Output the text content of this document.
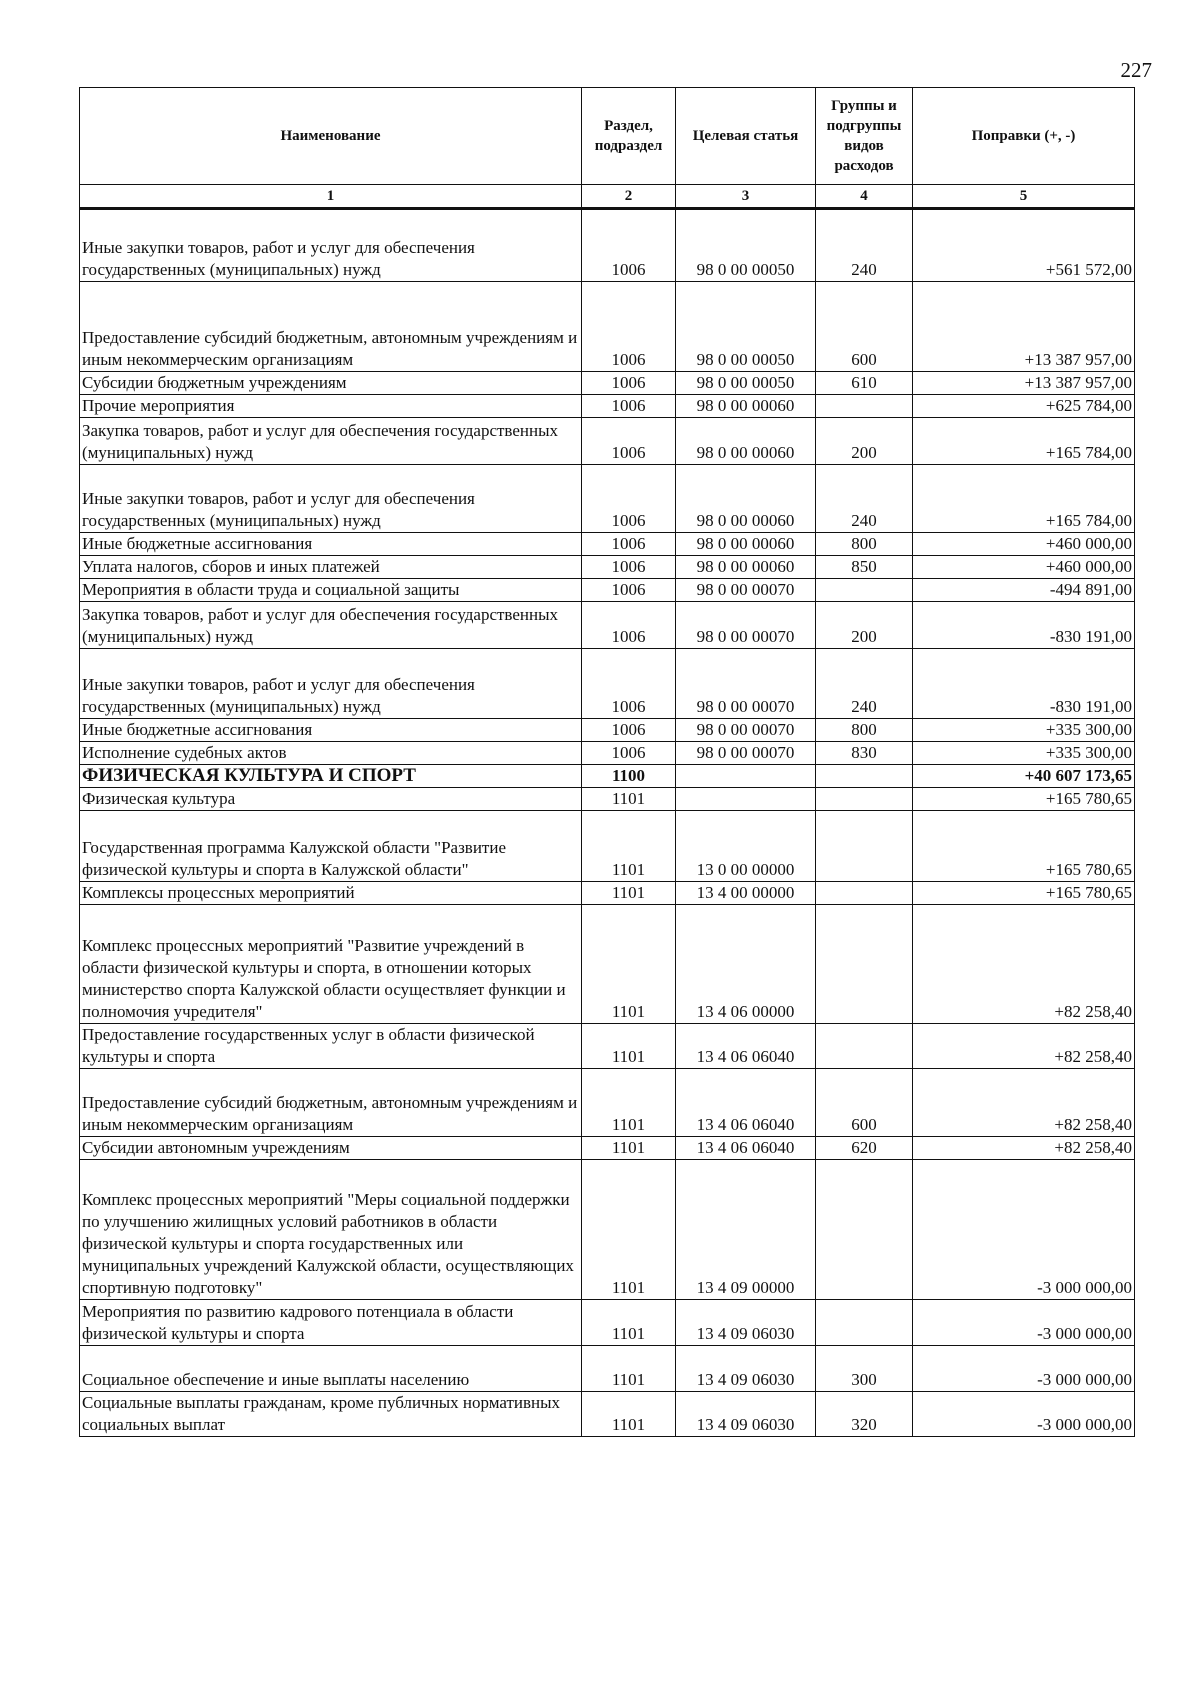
227
Наименование	Раздел, подраздел	Целевая статья	Группы и подгруппы видов расходов	Поправки (+, -)
1	2	3	4	5
Иные закупки товаров, работ и услуг для обеспечения государственных (муниципальных) нужд	1006	98 0 00 00050	240	+561 572,00
Предоставление субсидий бюджетным, автономным учреждениям и иным некоммерческим организациям	1006	98 0 00 00050	600	+13 387 957,00
Субсидии бюджетным учреждениям	1006	98 0 00 00050	610	+13 387 957,00
Прочие мероприятия	1006	98 0 00 00060		+625 784,00
Закупка товаров, работ и услуг для обеспечения государственных (муниципальных) нужд	1006	98 0 00 00060	200	+165 784,00
Иные закупки товаров, работ и услуг для обеспечения государственных (муниципальных) нужд	1006	98 0 00 00060	240	+165 784,00
Иные бюджетные ассигнования	1006	98 0 00 00060	800	+460 000,00
Уплата налогов, сборов и иных платежей	1006	98 0 00 00060	850	+460 000,00
Мероприятия в области труда и социальной защиты	1006	98 0 00 00070		-494 891,00
Закупка товаров, работ и услуг для обеспечения государственных (муниципальных) нужд	1006	98 0 00 00070	200	-830 191,00
Иные закупки товаров, работ и услуг для обеспечения государственных (муниципальных) нужд	1006	98 0 00 00070	240	-830 191,00
Иные бюджетные ассигнования	1006	98 0 00 00070	800	+335 300,00
Исполнение судебных актов	1006	98 0 00 00070	830	+335 300,00
ФИЗИЧЕСКАЯ КУЛЬТУРА И СПОРТ	1100			+40 607 173,65
Физическая культура	1101			+165 780,65
Государственная программа Калужской области "Развитие физической культуры и спорта в Калужской области"	1101	13 0 00 00000		+165 780,65
Комплексы процессных мероприятий	1101	13 4 00 00000		+165 780,65
Комплекс процессных мероприятий "Развитие учреждений в области физической культуры и спорта, в отношении которых министерство спорта Калужской области осуществляет функции и полномочия учредителя"	1101	13 4 06 00000		+82 258,40
Предоставление государственных услуг в области физической культуры и спорта	1101	13 4 06 06040		+82 258,40
Предоставление субсидий бюджетным, автономным учреждениям и иным некоммерческим организациям	1101	13 4 06 06040	600	+82 258,40
Субсидии автономным учреждениям	1101	13 4 06 06040	620	+82 258,40
Комплекс процессных мероприятий "Меры социальной поддержки по улучшению жилищных условий работников в области физической культуры и спорта государственных или муниципальных учреждений Калужской области, осуществляющих спортивную подготовку"	1101	13 4 09 00000		-3 000 000,00
Мероприятия по развитию кадрового потенциала в области физической культуры и спорта	1101	13 4 09 06030		-3 000 000,00
Социальное обеспечение и иные выплаты населению	1101	13 4 09 06030	300	-3 000 000,00
Социальные выплаты гражданам, кроме публичных нормативных социальных выплат	1101	13 4 09 06030	320	-3 000 000,00
